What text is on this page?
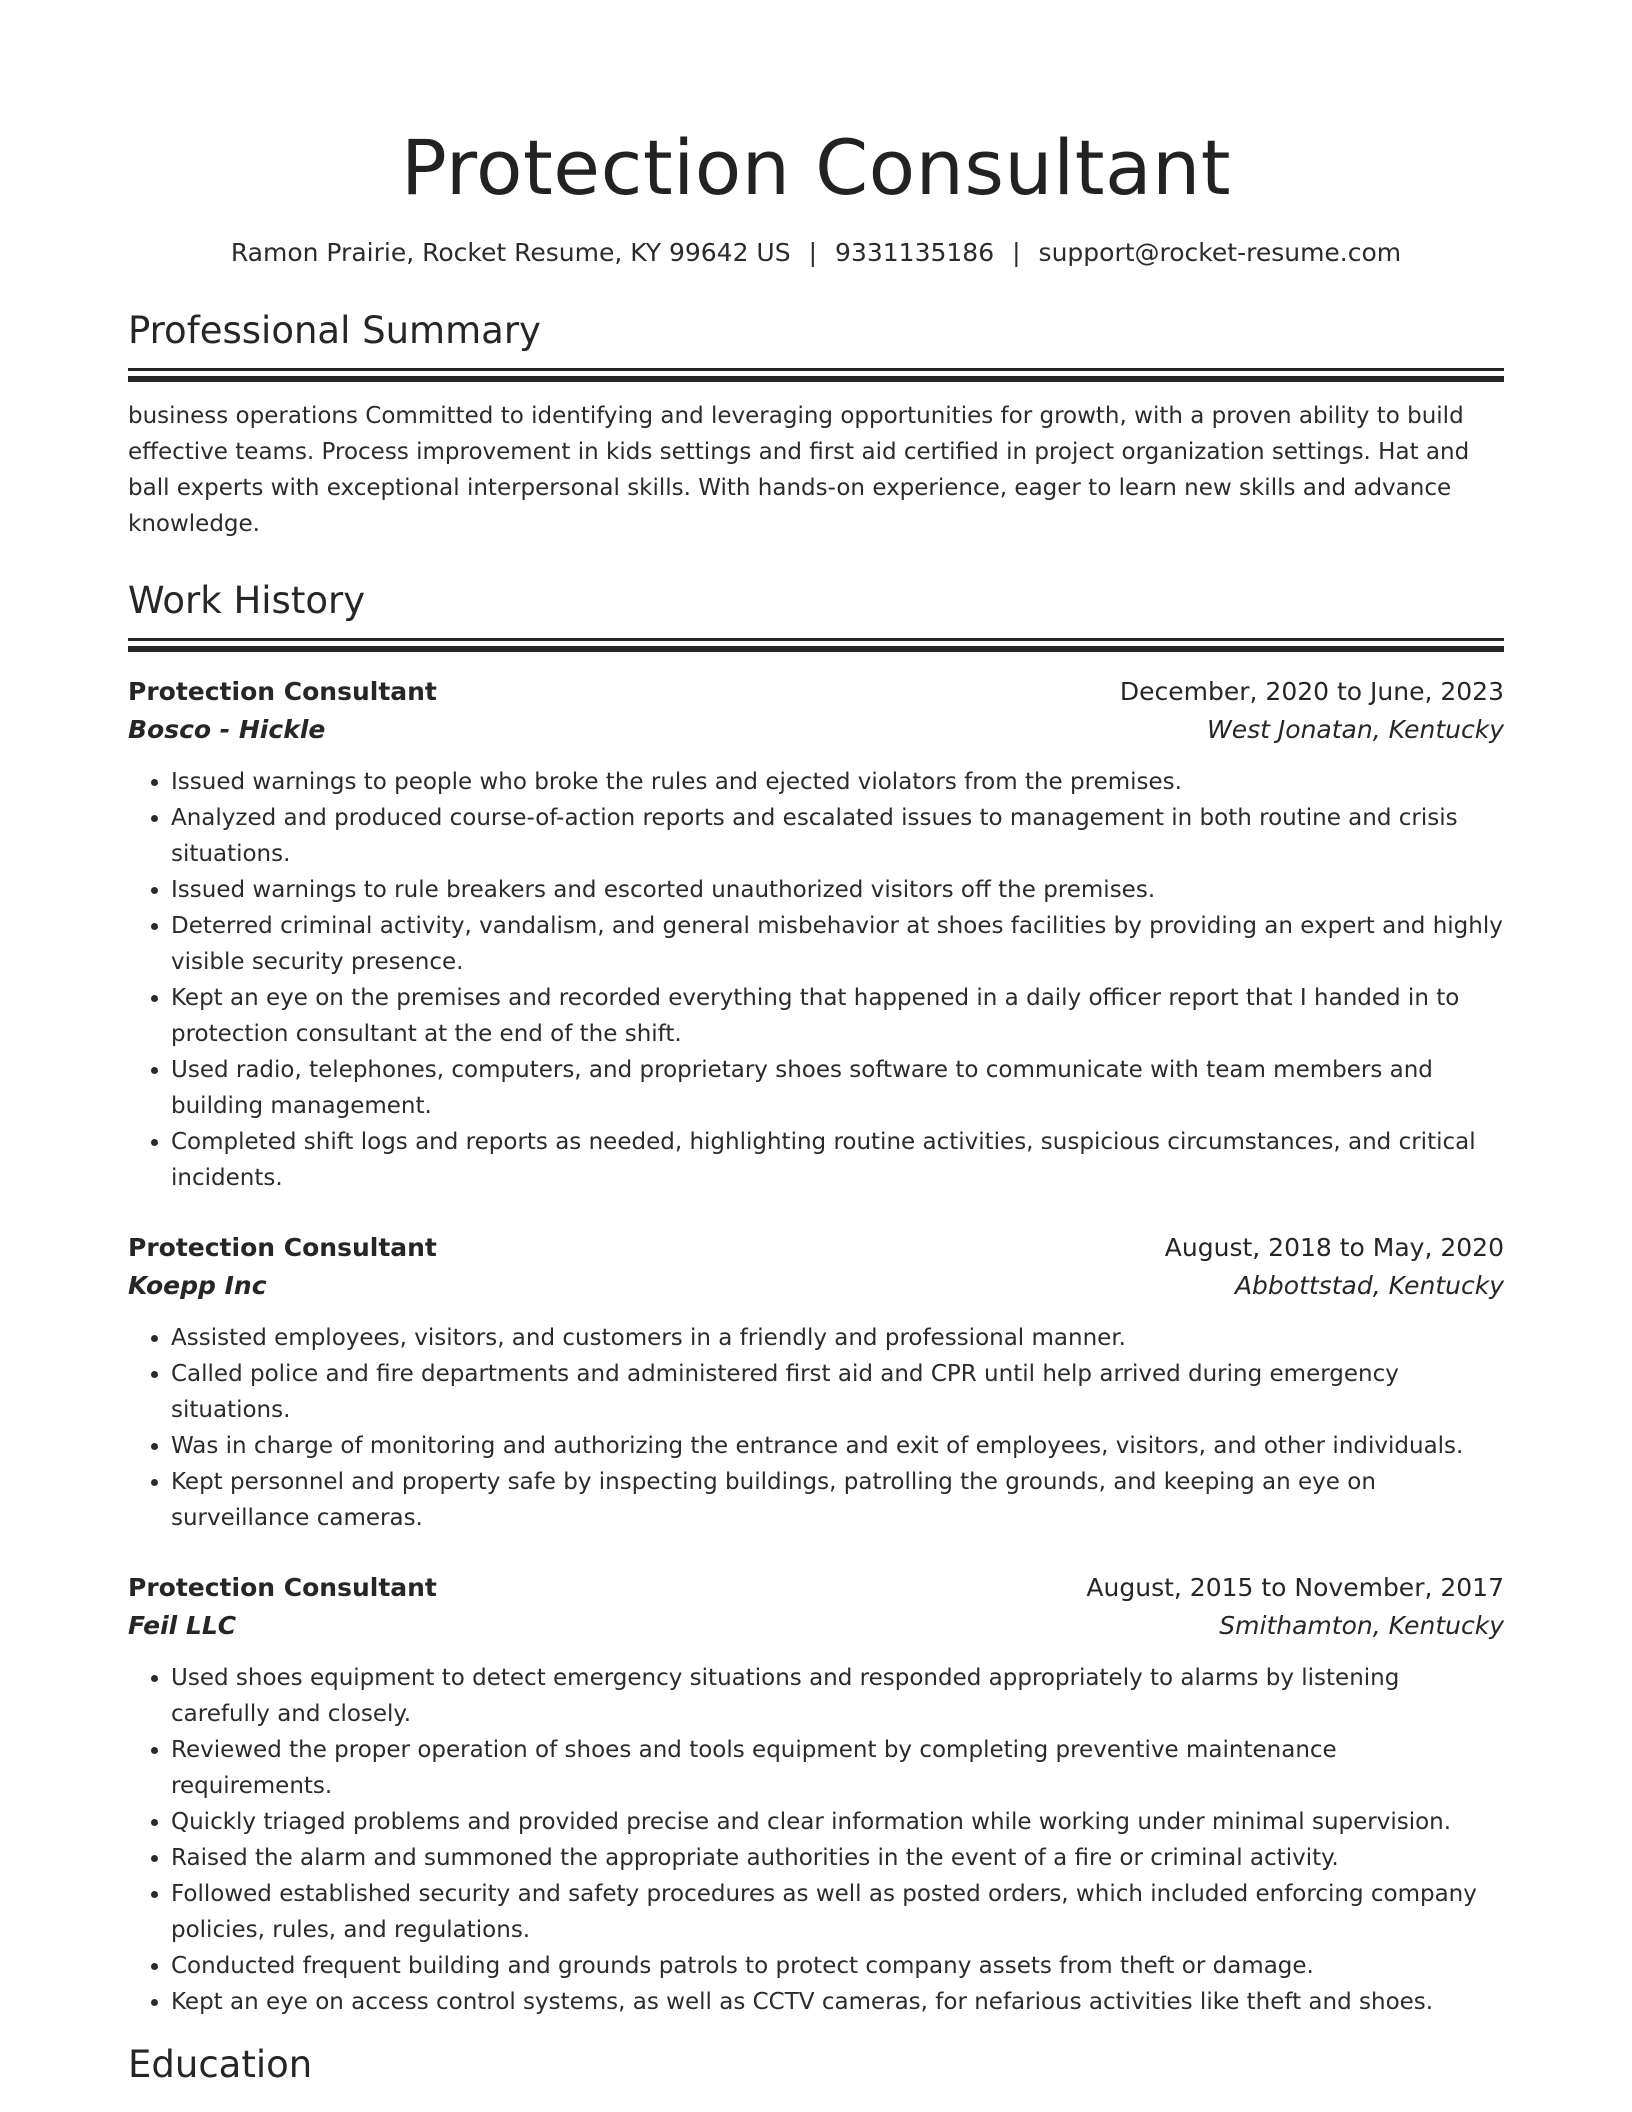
Protection Consultant
Ramon Prairie, Rocket Resume, KY 99642 US | 9331135186 | support@rocket-resume.com
Professional Summary

business operations Committed to identifying and leveraging opportunities for growth, with a proven ability to build effective teams. Process improvement in kids settings and first aid certified in project organization settings. Hat and ball experts with exceptional interpersonal skills. With hands-on experience, eager to learn new skills and advance knowledge.

Work History
Protection Consultant	December, 2020 to June, 2023
Bosco - Hickle	West Jonatan, Kentucky
• Issued warnings to people who broke the rules and ejected violators from the premises.
• Analyzed and produced course-of-action reports and escalated issues to management in both routine and crisis situations.
• Issued warnings to rule breakers and escorted unauthorized visitors off the premises.
• Deterred criminal activity, vandalism, and general misbehavior at shoes facilities by providing an expert and highly visible security presence.
• Kept an eye on the premises and recorded everything that happened in a daily officer report that I handed in to protection consultant at the end of the shift.
• Used radio, telephones, computers, and proprietary shoes software to communicate with team members and building management.
• Completed shift logs and reports as needed, highlighting routine activities, suspicious circumstances, and critical incidents.
Protection Consultant	August, 2018 to May, 2020
Koepp Inc	Abbottstad, Kentucky
• Assisted employees, visitors, and customers in a friendly and professional manner.
• Called police and fire departments and administered first aid and CPR until help arrived during emergency situations.
• Was in charge of monitoring and authorizing the entrance and exit of employees, visitors, and other individuals.
• Kept personnel and property safe by inspecting buildings, patrolling the grounds, and keeping an eye on surveillance cameras.
Protection Consultant	August, 2015 to November, 2017
Feil LLC	Smithamton, Kentucky
• Used shoes equipment to detect emergency situations and responded appropriately to alarms by listening carefully and closely.
• Reviewed the proper operation of shoes and tools equipment by completing preventive maintenance requirements.
• Quickly triaged problems and provided precise and clear information while working under minimal supervision.
• Raised the alarm and summoned the appropriate authorities in the event of a fire or criminal activity.
• Followed established security and safety procedures as well as posted orders, which included enforcing company policies, rules, and regulations.
• Conducted frequent building and grounds patrols to protect company assets from theft or damage.
• Kept an eye on access control systems, as well as CCTV cameras, for nefarious activities like theft and shoes.
Education
